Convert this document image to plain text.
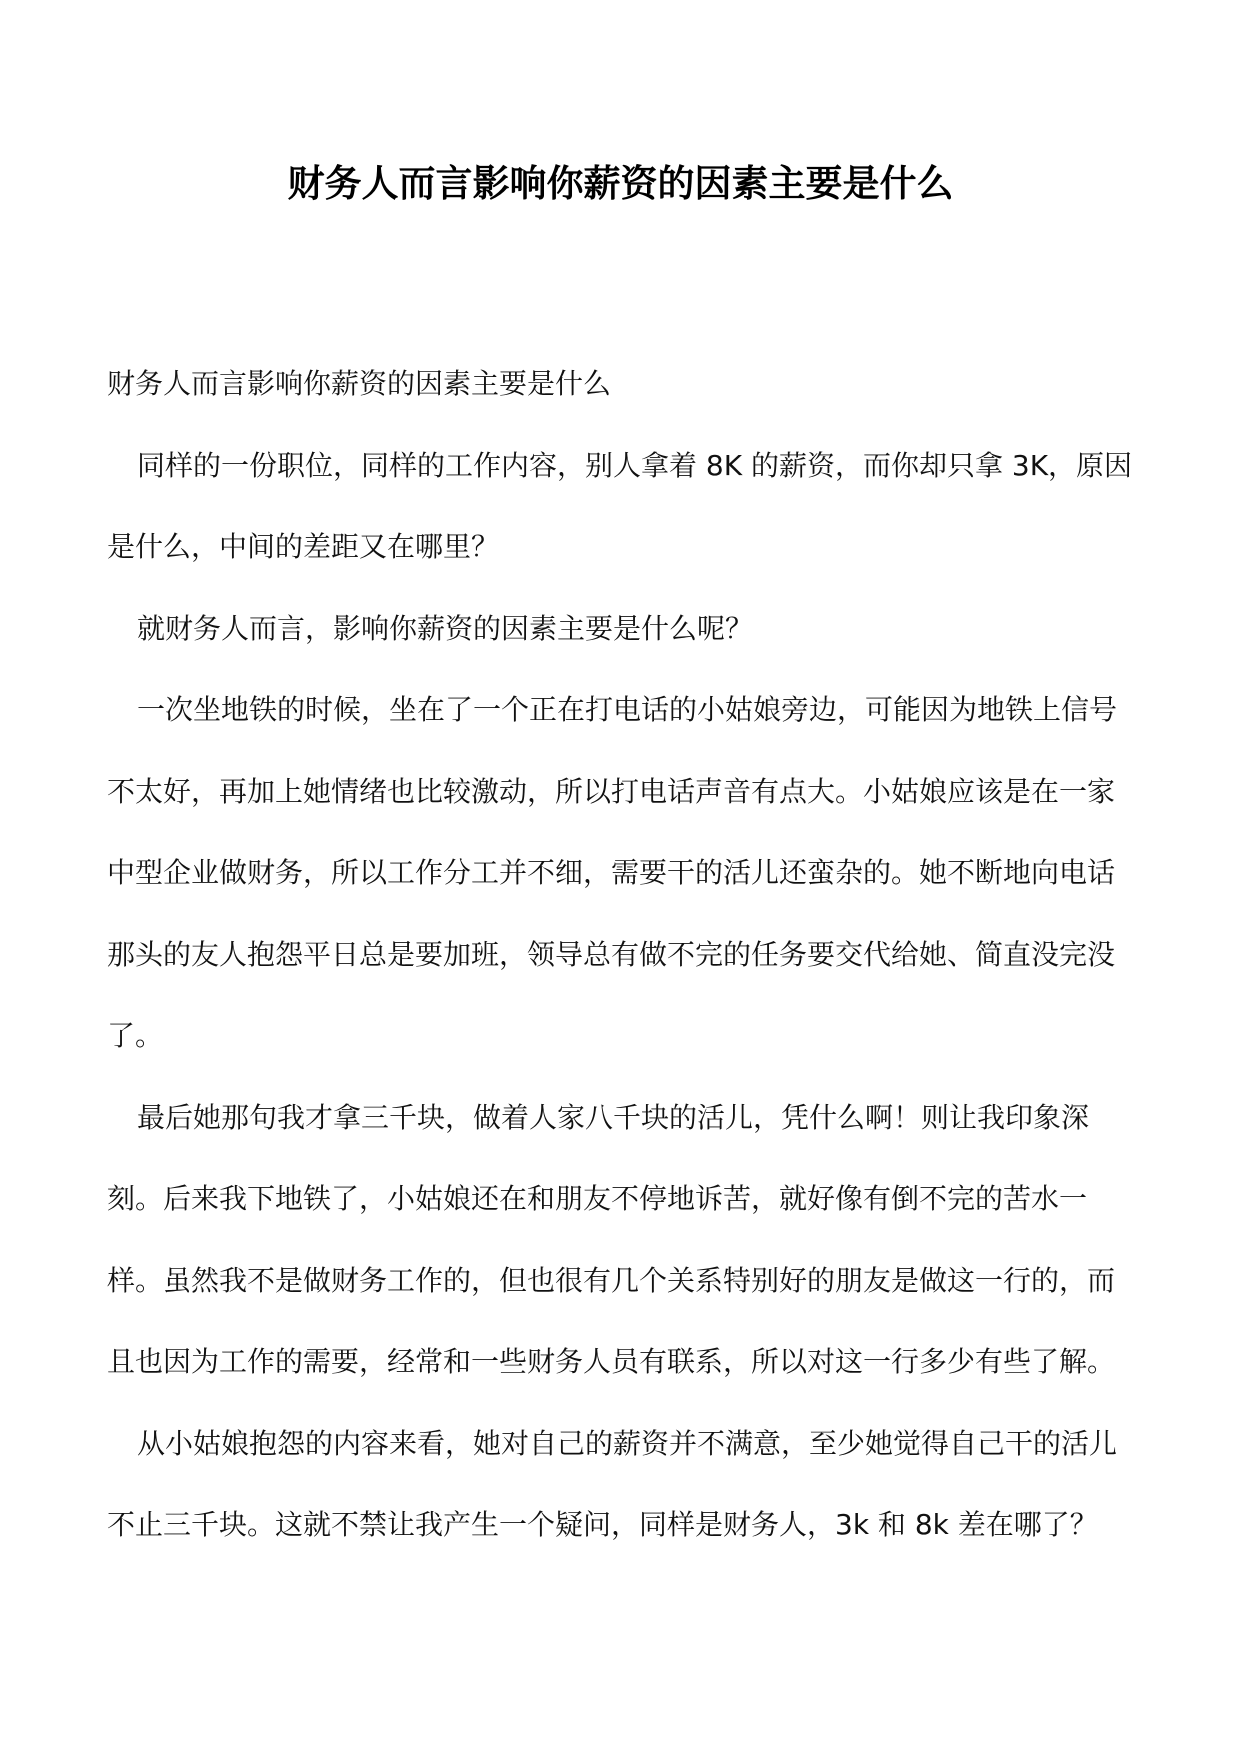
财务人而言影响你薪资的因素主要是什么

财务人而言影响你薪资的因素主要是什么

同样的一份职位，同样的工作内容，别人拿着 8K 的薪资，而你却只拿 3K，原因是什么，中间的差距又在哪里？

就财务人而言，影响你薪资的因素主要是什么呢？

一次坐地铁的时候，坐在了一个正在打电话的小姑娘旁边，可能因为地铁上信号不太好，再加上她情绪也比较激动，所以打电话声音有点大。小姑娘应该是在一家中型企业做财务，所以工作分工并不细，需要干的活儿还蛮杂的。她不断地向电话那头的友人抱怨平日总是要加班，领导总有做不完的任务要交代给她、简直没完没了。

最后她那句我才拿三千块，做着人家八千块的活儿，凭什么啊！则让我印象深刻。后来我下地铁了，小姑娘还在和朋友不停地诉苦，就好像有倒不完的苦水一样。虽然我不是做财务工作的，但也很有几个关系特别好的朋友是做这一行的，而且也因为工作的需要，经常和一些财务人员有联系，所以对这一行多少有些了解。

从小姑娘抱怨的内容来看，她对自己的薪资并不满意，至少她觉得自己干的活儿不止三千块。这就不禁让我产生一个疑问，同样是财务人，3k 和 8k 差在哪了？
